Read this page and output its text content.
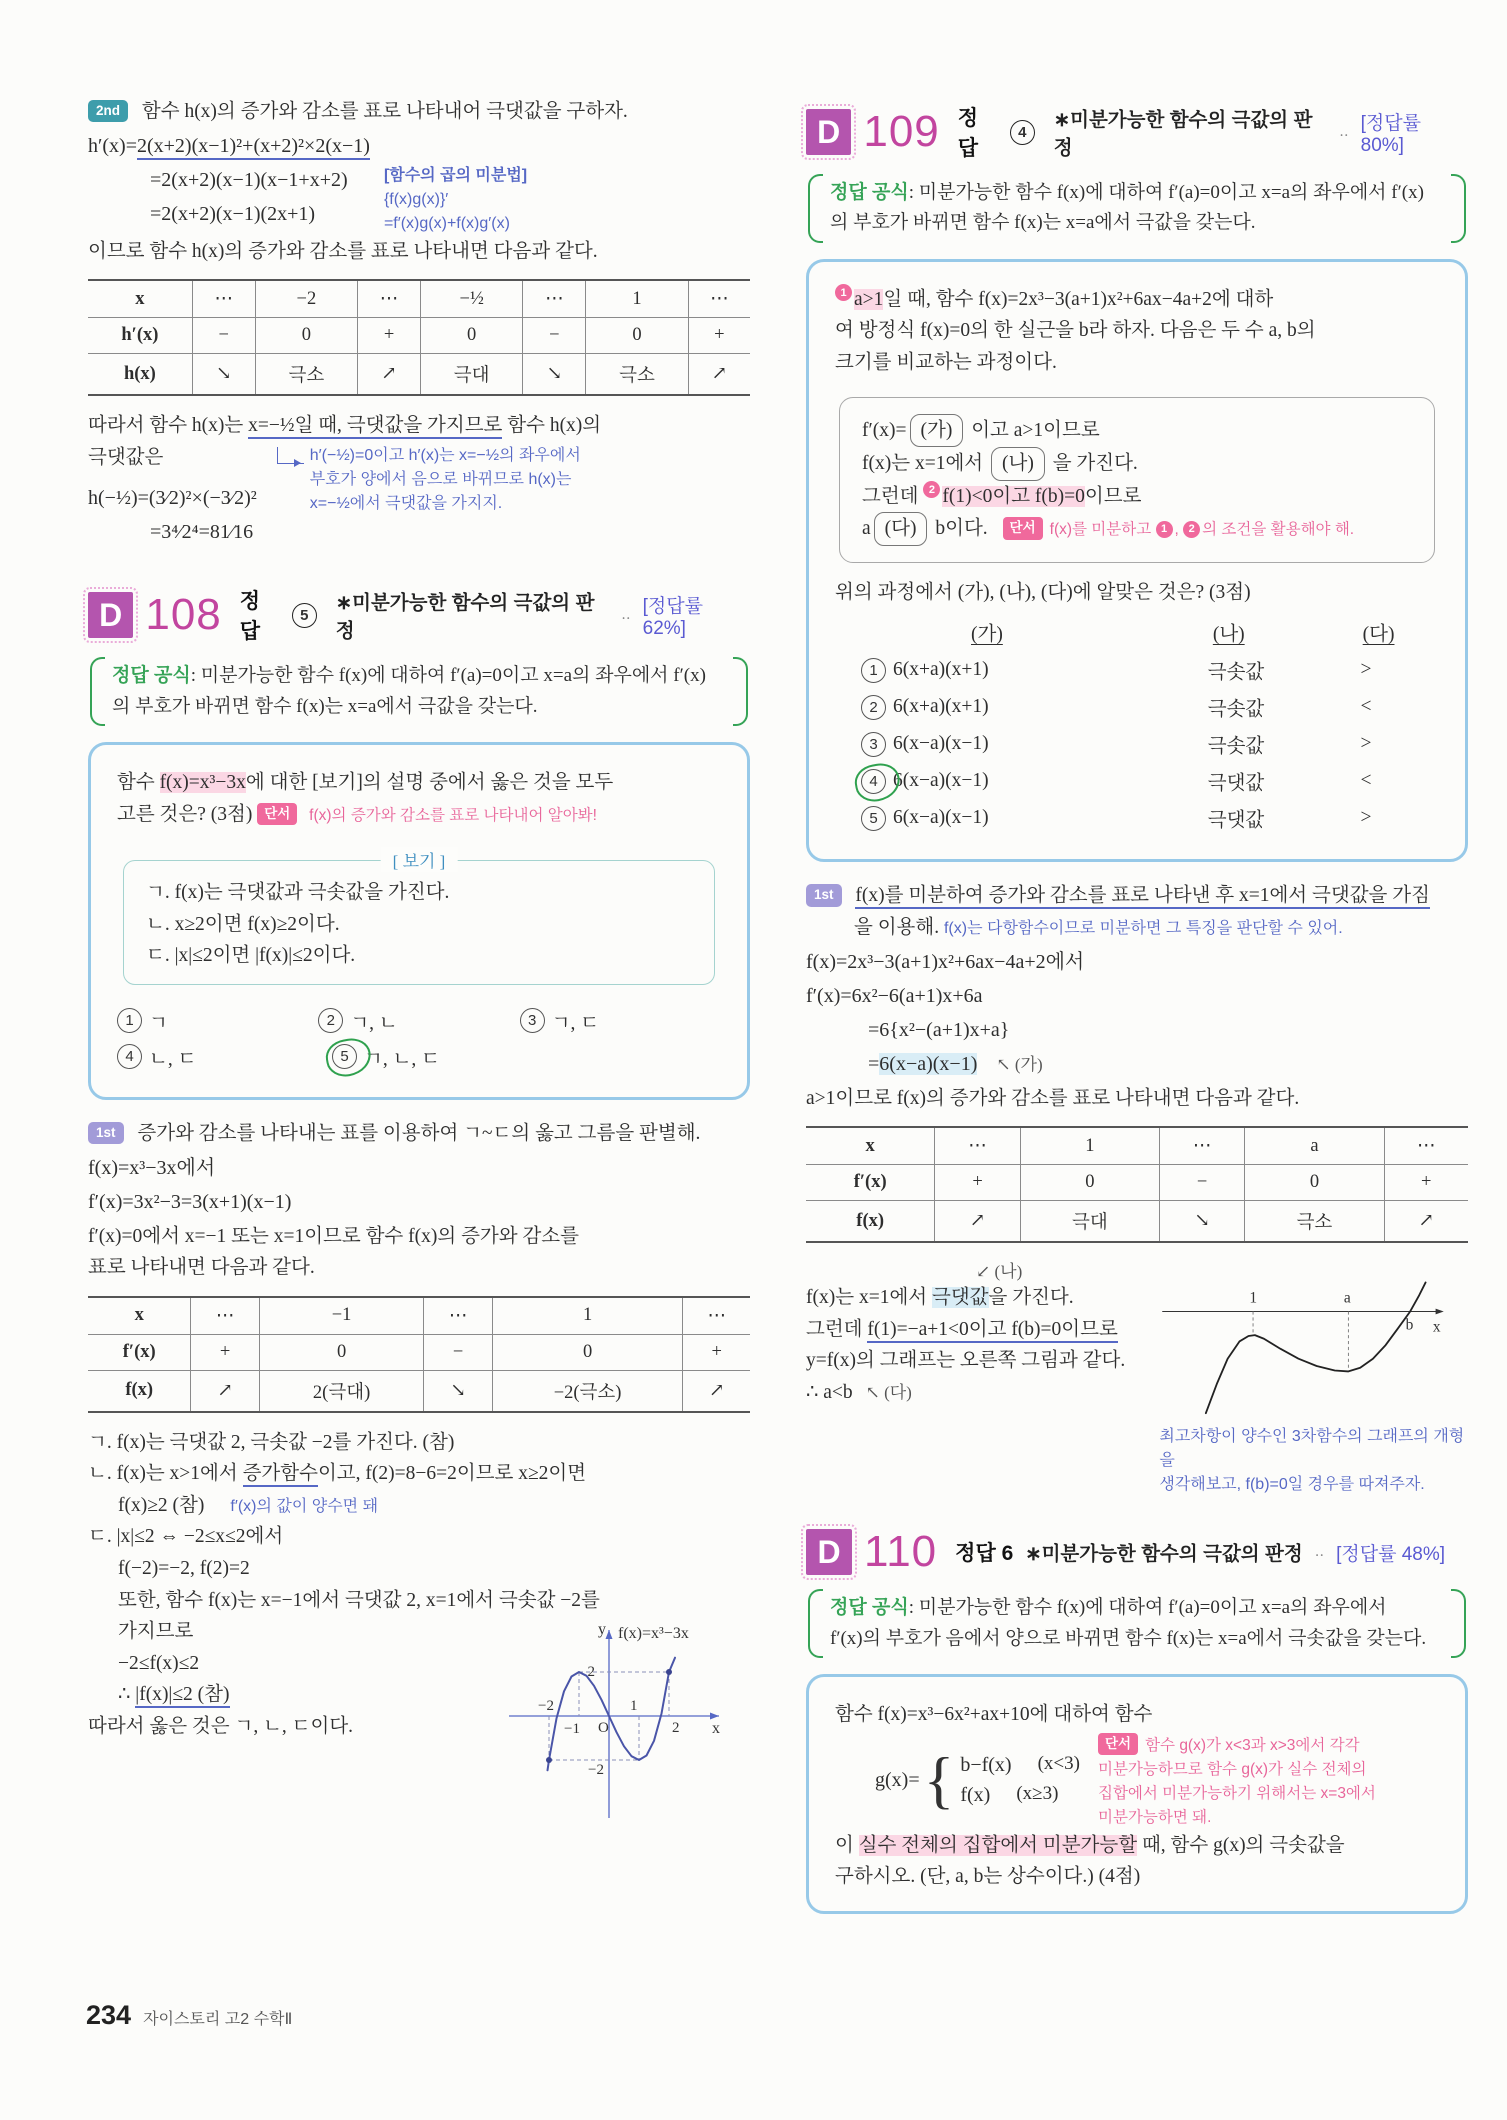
2nd 함수 h(x)의 증가와 감소를 표로 나타내어 극댓값을 구하자.
h′(x)=2(x+2)(x−1)²+(x+2)²×2(x−1)
=2(x+2)(x−1)(x−1+x+2)
=2(x+2)(x−1)(2x+1)
[함수의 곱의 미분법]
{f(x)g(x)}′
=f′(x)g(x)+f(x)g′(x)
이므로 함수 h(x)의 증가와 감소를 표로 나타내면 다음과 같다.
x	⋯	−2	⋯	−½	⋯	1	⋯
h′(x)	−	0	+	0	−	0	+
h(x)	↘	극소	↗	극대	↘	극소	↗
따라서 함수 h(x)는 x=−½일 때, 극댓값을 가지므로 함수 h(x)의
극댓값은
h(−½)=(3⁄2)²×(−3⁄2)²
=3⁴⁄2⁴=81⁄16
h′(−½)=0이고 h′(x)는 x=−½의 좌우에서
부호가 양에서 음으로 바뀌므로 h(x)는
x=−½에서 극댓값을 가지지.
D 108 정답
5
∗미분가능한 함수의 극값의 판정
‥ [정답률 62%]
정답 공식: 미분가능한 함수 f(x)에 대하여 f′(a)=0이고 x=a의 좌우에서 f′(x)
의 부호가 바뀌면 함수 f(x)는 x=a에서 극값을 갖는다.
함수 f(x)=x³−3x에 대한 [보기]의 설명 중에서 옳은 것을 모두
고른 것은? (3점) 단서 f(x)의 증가와 감소를 표로 나타내어 알아봐!
[ 보기 ]
ㄱ. f(x)는 극댓값과 극솟값을 가진다.
ㄴ. x≥2이면 f(x)≥2이다.
ㄷ. |x|≤2이면 |f(x)|≤2이다.
1 ㄱ	2 ㄱ, ㄴ	3 ㄱ, ㄷ
4 ㄴ, ㄷ	5 ㄱ, ㄴ, ㄷ
1st 증가와 감소를 나타내는 표를 이용하여 ㄱ~ㄷ의 옳고 그름을 판별해.
f(x)=x³−3x에서
f′(x)=3x²−3=3(x+1)(x−1)
f′(x)=0에서 x=−1 또는 x=1이므로 함수 f(x)의 증가와 감소를
표로 나타내면 다음과 같다.
x	⋯	−1	⋯	1	⋯
f′(x)	+	0	−	0	+
f(x)	↗	2(극대)	↘	−2(극소)	↗
ㄱ. f(x)는 극댓값 2, 극솟값 −2를 가진다. (참)
ㄴ. f(x)는 x>1에서 증가함수이고, f(2)=8−6=2이므로 x≥2이면
f(x)≥2 (참) f′(x)의 값이 양수면 돼
ㄷ. |x|≤2 ⇔ −2≤x≤2에서
f(−2)=−2, f(2)=2
또한, 함수 f(x)는 x=−1에서 극댓값 2, x=1에서 극솟값 −2를
가지므로
−2≤f(x)≤2
∴ |f(x)|≤2 (참)
따라서 옳은 것은 ㄱ, ㄴ, ㄷ이다.
y f(x)=x³−3x
2
−2
−2
−1 O
1
2 x
D 109 정답
4
∗미분가능한 함수의 극값의 판정
‥ [정답률 80%]
정답 공식: 미분가능한 함수 f(x)에 대하여 f′(a)=0이고 x=a의 좌우에서 f′(x)
의 부호가 바뀌면 함수 f(x)는 x=a에서 극값을 갖는다.
1 a>1일 때, 함수 f(x)=2x³−3(a+1)x²+6ax−4a+2에 대하
여 방정식 f(x)=0의 한 실근을 b라 하자. 다음은 두 수 a, b의
크기를 비교하는 과정이다.
f′(x)= (가) 이고 a>1이므로
f(x)는 x=1에서 (나) 을 가진다.
그런데 2 f(1)<0이고 f(b)=0이므로
a (다) b이다. 단서 f(x)를 미분하고 1 , 2 의 조건을 활용해야 해.
위의 과정에서 (가), (나), (다)에 알맞은 것은? (3점)
(가)	(나)	(다)
1 6(x+a)(x+1)	극솟값	>
2 6(x+a)(x+1)	극솟값	<
3 6(x−a)(x−1)	극솟값	>
4 6(x−a)(x−1)	극댓값	<
5 6(x−a)(x−1)	극댓값	>
1st f(x)를 미분하여 증가와 감소를 표로 나타낸 후 x=1에서 극댓값을 가짐
을 이용해. f(x)는 다항함수이므로 미분하면 그 특징을 판단할 수 있어.
f(x)=2x³−3(a+1)x²+6ax−4a+2에서
f′(x)=6x²−6(a+1)x+6a
=6{x²−(a+1)x+a}
=6(x−a)(x−1) ↖ (가)
a>1이므로 f(x)의 증가와 감소를 표로 나타내면 다음과 같다.
x	⋯	1	⋯	a	⋯
f′(x)	+	0	−	0	+
f(x)	↗	극대	↘	극소	↗
↙ (나)
f(x)는 x=1에서 극댓값을 가진다.
그런데 f(1)=−a+1<0이고 f(b)=0이므로
y=f(x)의 그래프는 오른쪽 그림과 같다.
∴ a<b ↖ (다)
1	a
b x
최고차항이 양수인 3차함수의 그래프의 개형을
생각해보고, f(b)=0일 경우를 따져주자.
D 110 정답 6 ∗미분가능한 함수의 극값의 판정 ‥ [정답률 48%]
정답 공식: 미분가능한 함수 f(x)에 대하여 f′(a)=0이고 x=a의 좌우에서
f′(x)의 부호가 음에서 양으로 바뀌면 함수 f(x)는 x=a에서 극솟값을 갖는다.
함수 f(x)=x³−6x²+ax+10에 대하여 함수
g(x)= { b−f(x) (x<3)
f(x) (x≥3)
단서 함수 g(x)가 x<3과 x>3에서 각각
미분가능하므로 함수 g(x)가 실수 전체의
집합에서 미분가능하기 위해서는 x=3에서
미분가능하면 돼.
이 실수 전체의 집합에서 미분가능할 때, 함수 g(x)의 극솟값을
구하시오. (단, a, b는 상수이다.) (4점)
234 자이스토리 고2 수학Ⅱ
